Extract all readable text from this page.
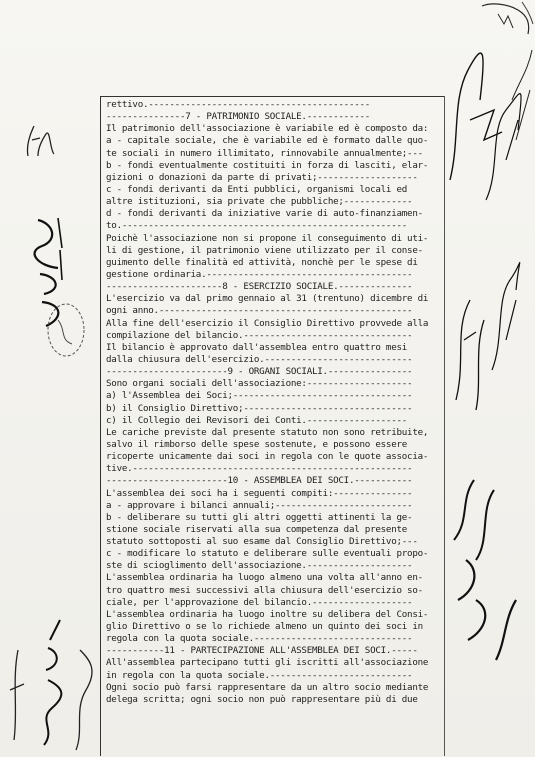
rettivo.------------------------------------------
---------------7 - PATRIMONIO SOCIALE.------------
Il patrimonio dell'associazione è variabile ed è composto da:
a - capitale sociale, che è variabile ed è formato dalle quo-
te sociali in numero illimitato, rinnovabile annualmente;---
b - fondi eventualmente costituiti in forza di lasciti, elar-
gizioni o donazioni da parte di privati;-------------------
c - fondi derivanti da Enti pubblici, organismi locali ed
altre istituzioni, sia private che pubbliche;-------------
d - fondi derivanti da iniziative varie di auto-finanziamen-
to.------------------------------------------------------
Poichè l'associazione non si propone il conseguimento di uti-
li di gestione, il patrimonio viene utilizzato per il conse-
guimento delle finalità ed attività, nonchè per le spese di
gestione ordinaria.---------------------------------------
----------------------8 - ESERCIZIO SOCIALE.--------------
L'esercizio va dal primo gennaio al 31 (trentuno) dicembre di
ogni anno.------------------------------------------------
Alla fine dell'esercizio il Consiglio Direttivo provvede alla
compilazione del bilancio.--------------------------------
Il bilancio è approvato dall'assemblea entro quattro mesi
dalla chiusura dell'esercizio.----------------------------
-----------------------9 - ORGANI SOCIALI.----------------
Sono organi sociali dell'associazione:--------------------
a) l'Assemblea dei Soci;----------------------------------
b) il Consiglio Direttivo;--------------------------------
c) il Collegio dei Revisori dei Conti.-------------------
Le cariche previste dal presente statuto non sono retribuite,
salvo il rimborso delle spese sostenute, e possono essere
ricoperte unicamente dai soci in regola con le quote associa-
tive.-----------------------------------------------------
-----------------------10 - ASSEMBLEA DEI SOCI.-----------
L'assemblea dei soci ha i seguenti compiti:---------------
a - approvare i bilanci annuali;--------------------------
b - deliberare su tutti gli altri oggetti attinenti la ge-
stione sociale riservati alla sua competenza dal presente
statuto sottoposti al suo esame dal Consiglio Direttivo;---
c - modificare lo statuto e deliberare sulle eventuali propo-
ste di scioglimento dell'associazione.--------------------
L'assemblea ordinaria ha luogo almeno una volta all'anno en-
tro quattro mesi successivi alla chiusura dell'esercizio so-
ciale, per l'approvazione del bilancio.-------------------
L'assemblea ordinaria ha luogo inoltre su delibera del Consi-
glio Direttivo o se lo richiede almeno un quinto dei soci in
regola con la quota sociale.------------------------------
-----------11 - PARTECIPAZIONE ALL'ASSEMBLEA DEI SOCI.-----
All'assemblea partecipano tutti gli iscritti all'associazione
in regola con la quota sociale.---------------------------
Ogni socio può farsi rappresentare da un altro socio mediante
delega scritta; ogni socio non può rappresentare più di due
